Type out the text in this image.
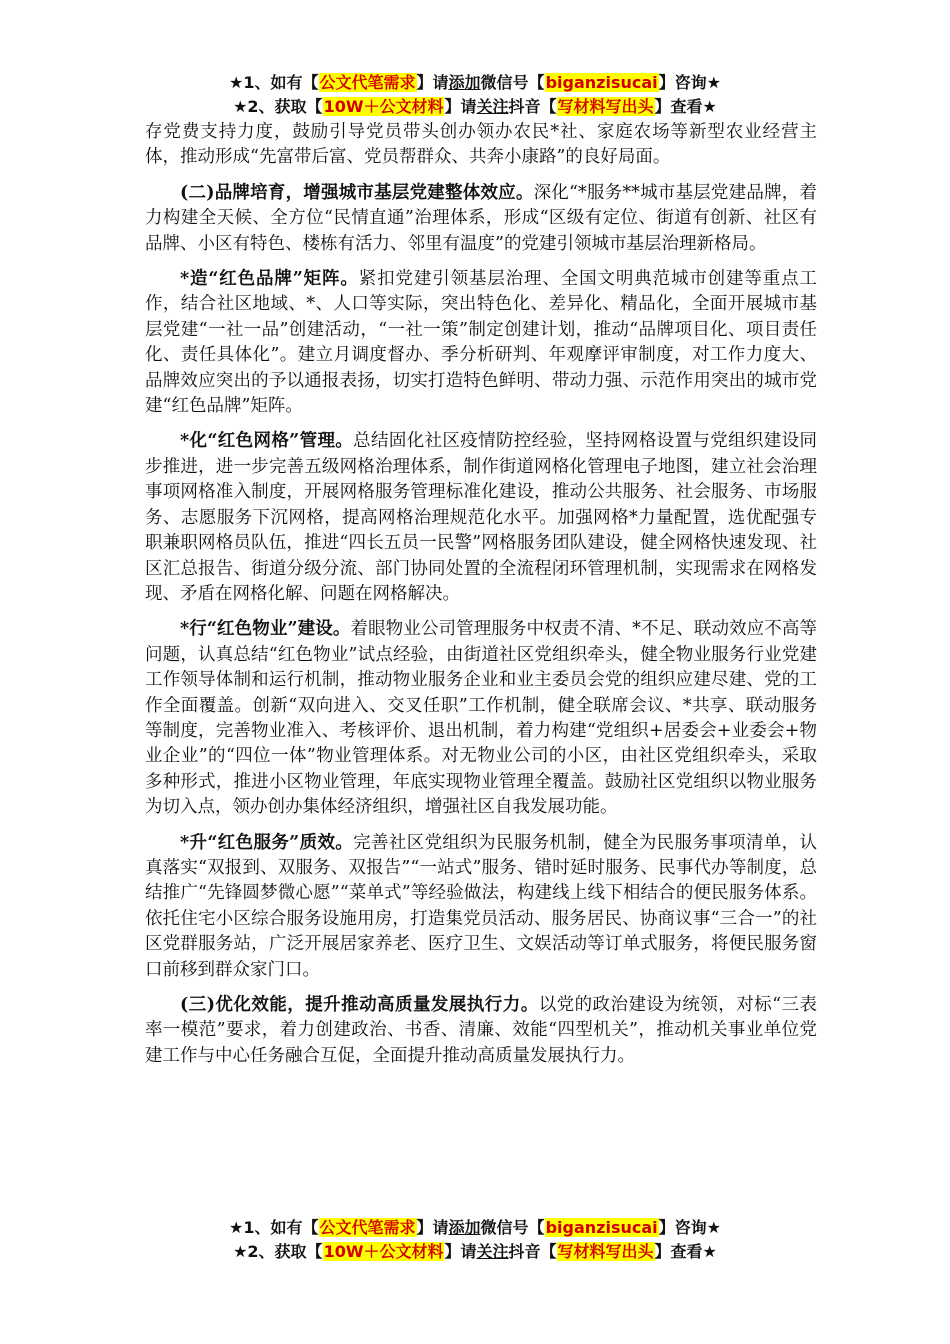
★1、如有【公文代笔需求】请添加微信号【biganzisucai】咨询★
★2、获取【10W＋公文材料】请关注抖音【写材料写出头】查看★

存党费支持力度，鼓励引导党员带头创办领办农民*社、家庭农场等新型农业经营主体，推动形成“先富带后富、党员帮群众、共奔小康路”的良好局面。

(二)品牌培育，增强城市基层党建整体效应。深化“*服务**城市基层党建品牌，着力构建全天候、全方位“民情直通”治理体系，形成“区级有定位、街道有创新、社区有品牌、小区有特色、楼栋有活力、邻里有温度”的党建引领城市基层治理新格局。

*造“红色品牌”矩阵。紧扣党建引领基层治理、全国文明典范城市创建等重点工作，结合社区地域、*、人口等实际，突出特色化、差异化、精品化，全面开展城市基层党建“一社一品”创建活动，“一社一策”制定创建计划，推动“品牌项目化、项目责任化、责任具体化”。建立月调度督办、季分析研判、年观摩评审制度，对工作力度大、品牌效应突出的予以通报表扬，切实打造特色鲜明、带动力强、示范作用突出的城市党建“红色品牌”矩阵。

*化“红色网格”管理。总结固化社区疫情防控经验，坚持网格设置与党组织建设同步推进，进一步完善五级网格治理体系，制作街道网格化管理电子地图，建立社会治理事项网格准入制度，开展网格服务管理标准化建设，推动公共服务、社会服务、市场服务、志愿服务下沉网格，提高网格治理规范化水平。加强网格*力量配置，选优配强专职兼职网格员队伍，推进“四长五员一民警”网格服务团队建设，健全网格快速发现、社区汇总报告、街道分级分流、部门协同处置的全流程闭环管理机制，实现需求在网格发现、矛盾在网格化解、问题在网格解决。

*行“红色物业”建设。着眼物业公司管理服务中权责不清、*不足、联动效应不高等问题，认真总结“红色物业”试点经验，由街道社区党组织牵头，健全物业服务行业党建工作领导体制和运行机制，推动物业服务企业和业主委员会党的组织应建尽建、党的工作全面覆盖。创新“双向进入、交叉任职”工作机制，健全联席会议、*共享、联动服务等制度，完善物业准入、考核评价、退出机制，着力构建“党组织+居委会+业委会+物业企业”的“四位一体”物业管理体系。对无物业公司的小区，由社区党组织牵头，采取多种形式，推进小区物业管理，年底实现物业管理全覆盖。鼓励社区党组织以物业服务为切入点，领办创办集体经济组织，增强社区自我发展功能。

*升“红色服务”质效。完善社区党组织为民服务机制，健全为民服务事项清单，认真落实“双报到、双服务、双报告”“一站式”服务、错时延时服务、民事代办等制度，总结推广“先锋圆梦微心愿”“菜单式”等经验做法，构建线上线下相结合的便民服务体系。依托住宅小区综合服务设施用房，打造集党员活动、服务居民、协商议事“三合一”的社区党群服务站，广泛开展居家养老、医疗卫生、文娱活动等订单式服务，将便民服务窗口前移到群众家门口。

(三)优化效能，提升推动高质量发展执行力。以党的政治建设为统领，对标“三表率一模范”要求，着力创建政治、书香、清廉、效能“四型机关”，推动机关事业单位党建工作与中心任务融合互促，全面提升推动高质量发展执行力。

★1、如有【公文代笔需求】请添加微信号【biganzisucai】咨询★
★2、获取【10W＋公文材料】请关注抖音【写材料写出头】查看★
